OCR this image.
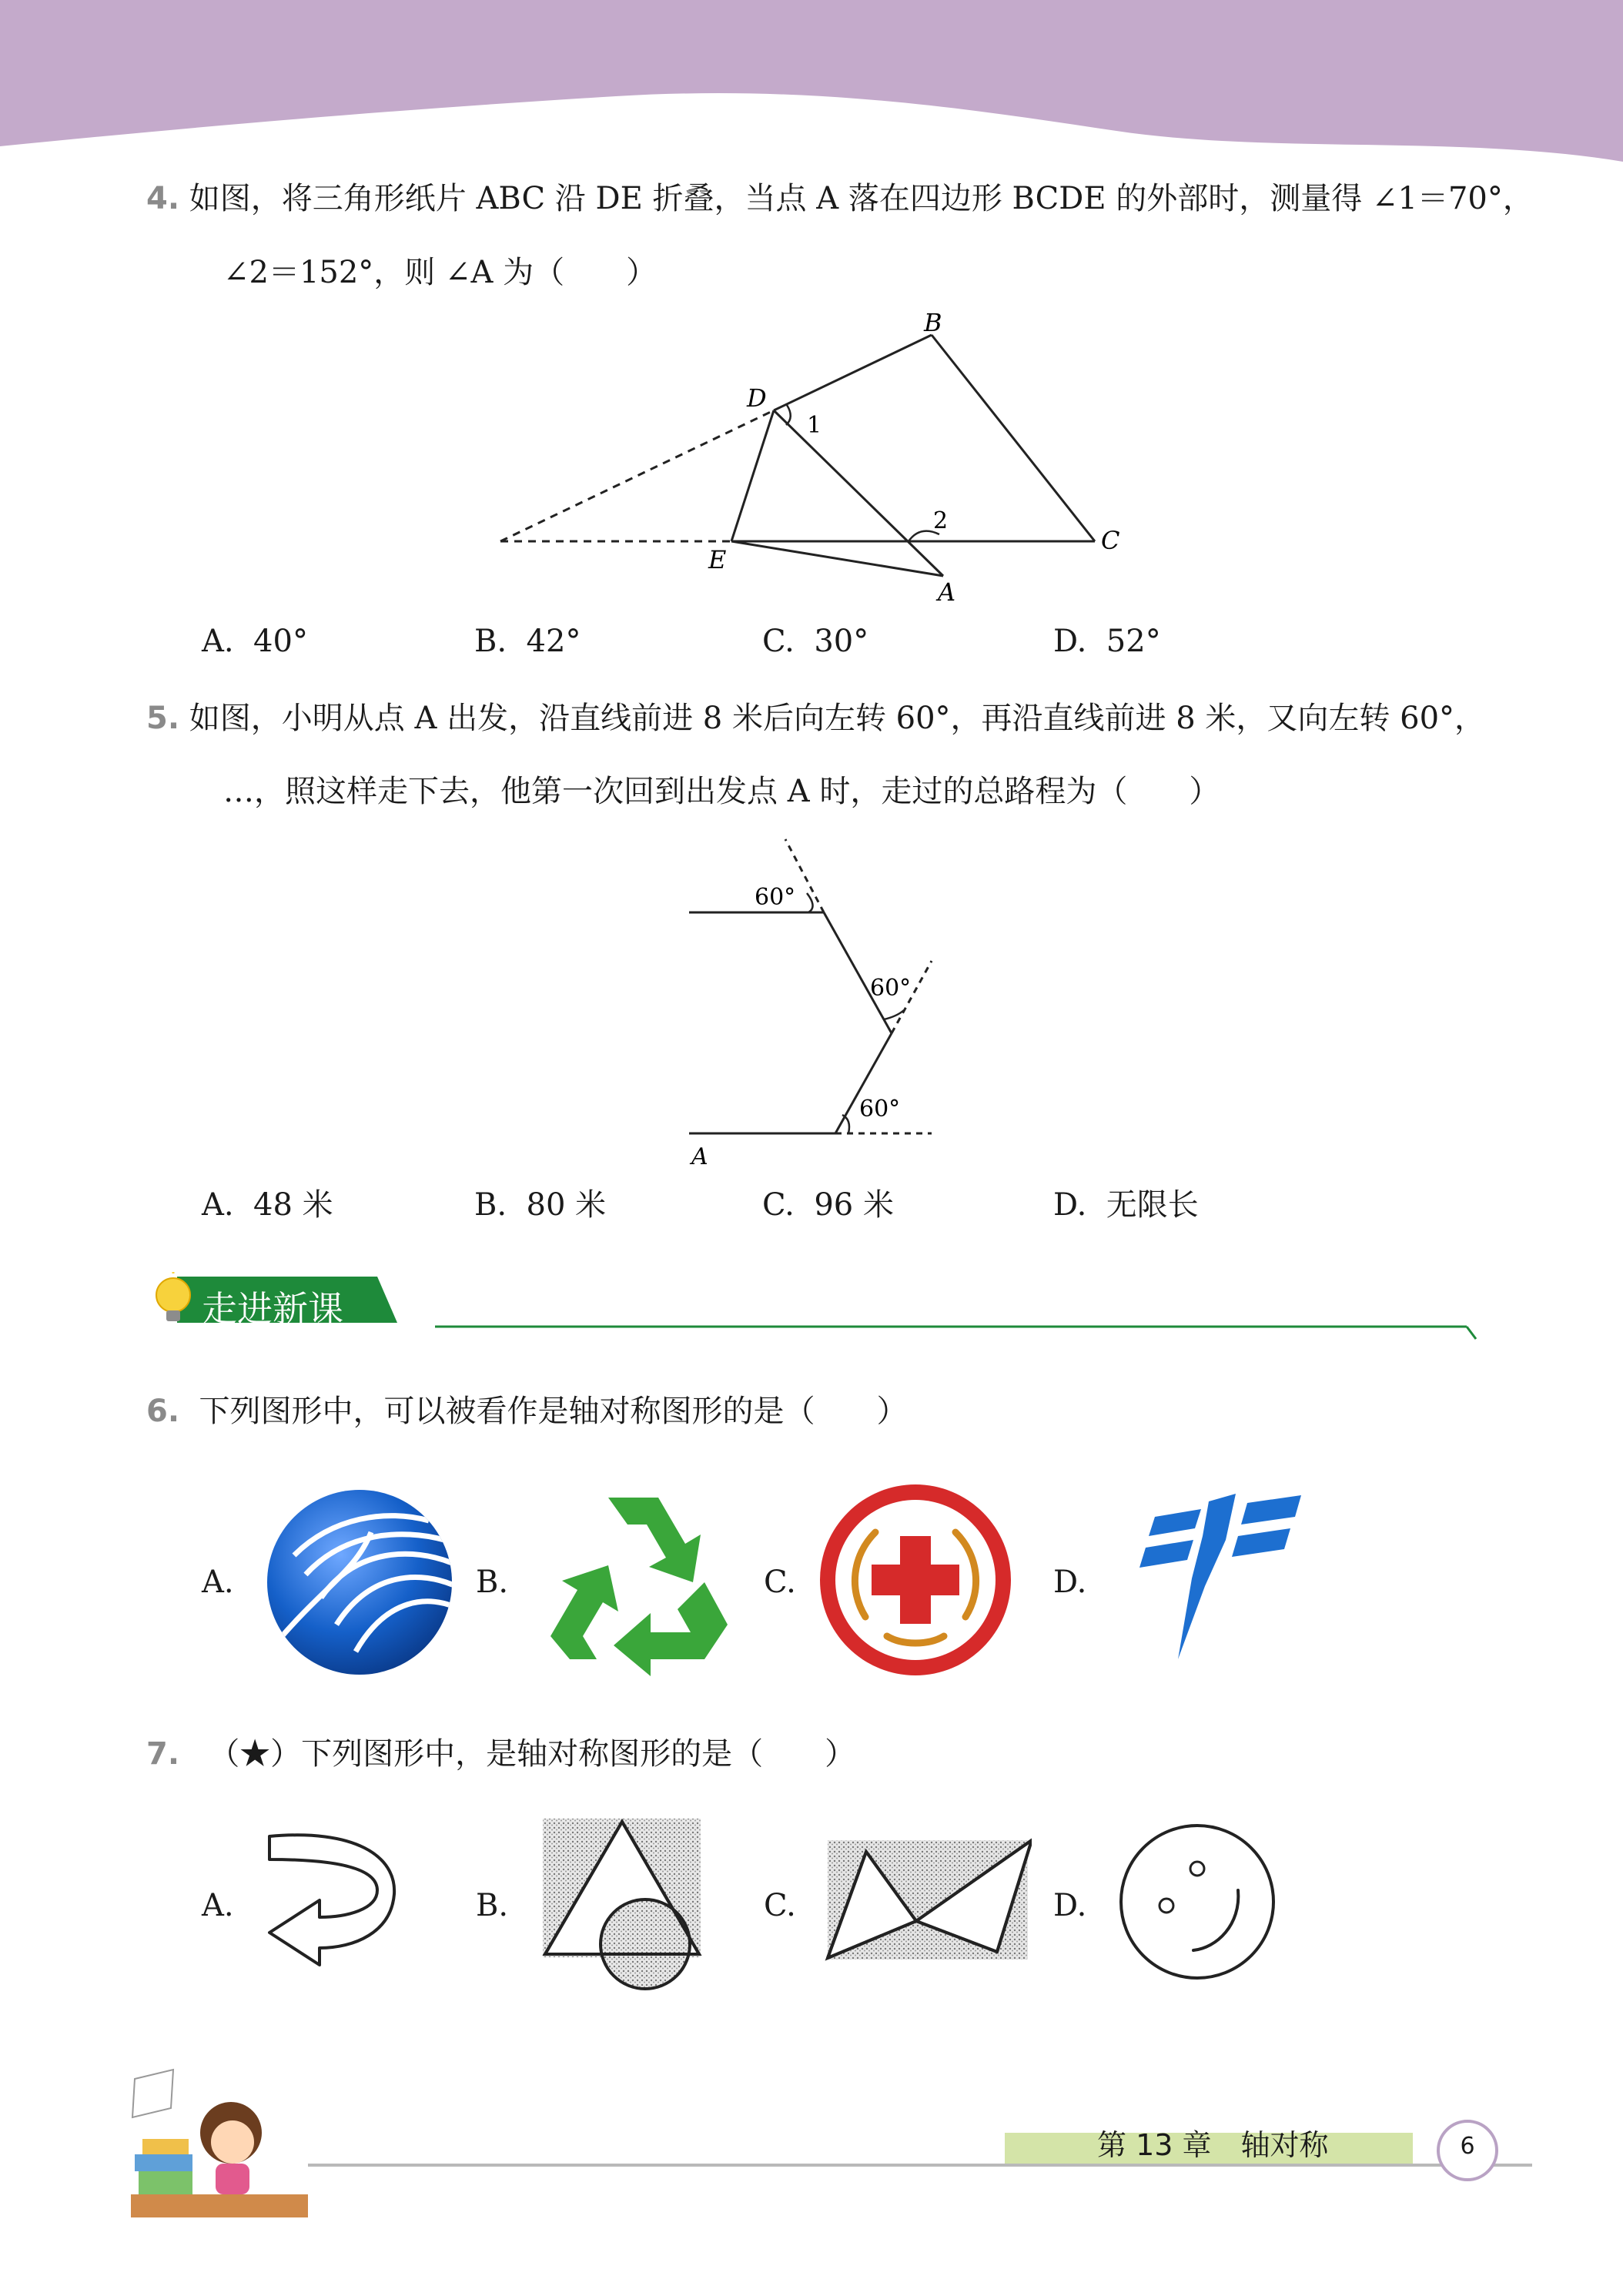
4. 如图，将三角形纸片 ABC 沿 DE 折叠，当点 A 落在四边形 BCDE 的外部时，测量得 ∠1＝70°，
∠2＝152°，则 ∠A 为（　　）
B
D
1
2
C
E
A
A. 40°	B. 42°	C. 30°	D. 52°
5. 如图，小明从点 A 出发，沿直线前进 8 米后向左转 60°，再沿直线前进 8 米，又向左转 60°，
…，照这样走下去，他第一次回到出发点 A 时，走过的总路程为（　　）
60°
60°
60°
A
A. 48 米	B. 80 米	C. 96 米	D. 无限长
走进新课
6. 下列图形中，可以被看作是轴对称图形的是（　　）
A.	B.	C.	D.
7. （★）下列图形中，是轴对称图形的是（　　）
A.	B.	C.	D.
第 13 章　轴对称	6
